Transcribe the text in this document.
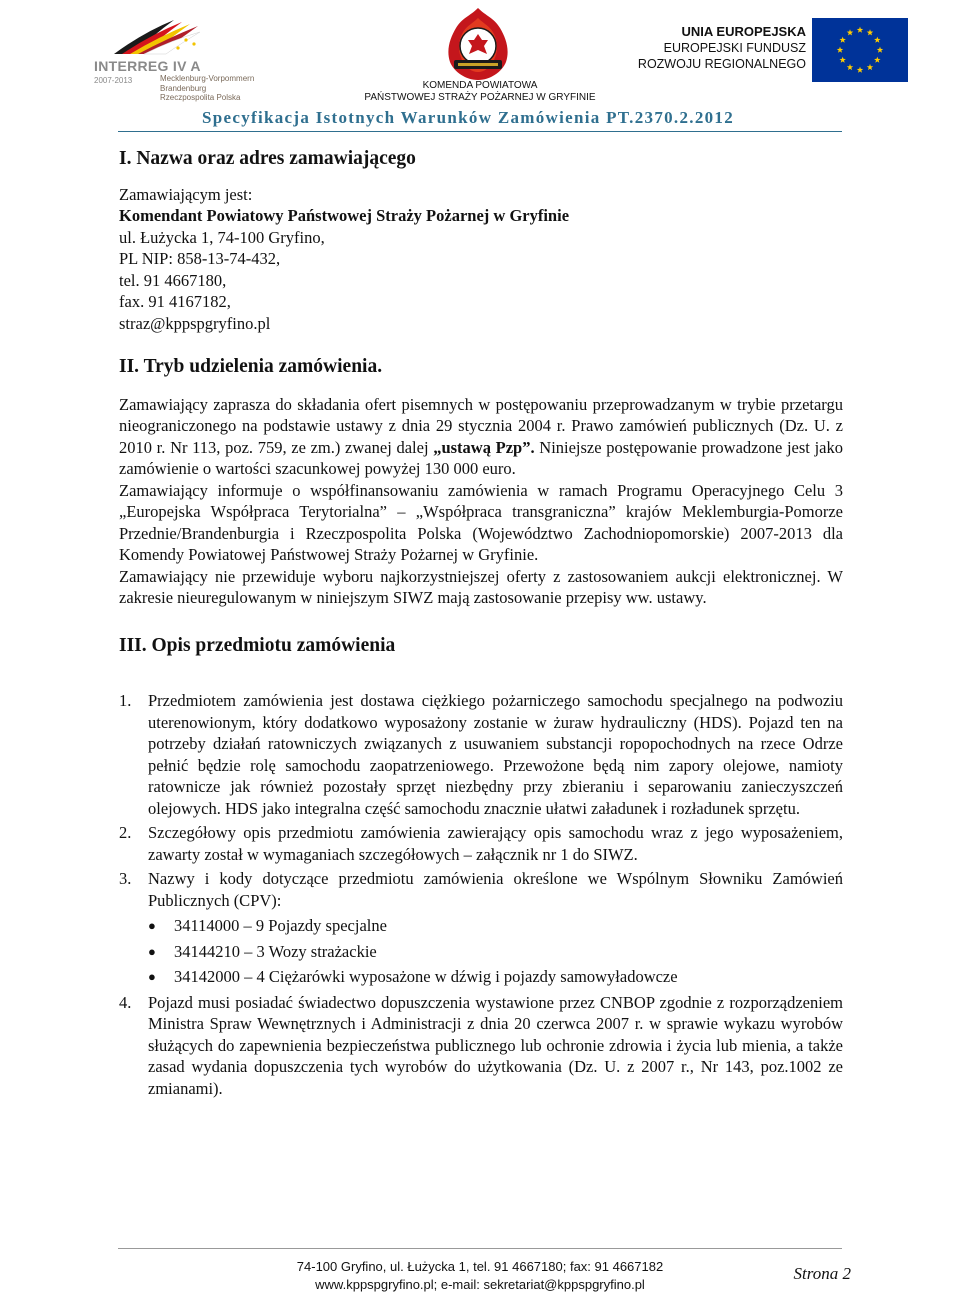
INTERREG IV A
2007-2013	Mecklenburg-Vorpommern
Brandenburg
Rzeczpospolita Polska
KOMENDA POWIATOWA
PAŃSTWOWEJ STRAŻY POŻARNEJ W GRYFINIE
UNIA EUROPEJSKA
EUROPEJSKI FUNDUSZ
ROZWOJU REGIONALNEGO
Specyfikacja Istotnych Warunków Zamówienia PT.2370.2.2012
I. Nazwa oraz adres zamawiającego

Zamawiającym jest:

Komendant Powiatowy Państwowej Straży Pożarnej w Gryfinie

ul. Łużycka 1, 74-100 Gryfino,

PL NIP: 858-13-74-432,

tel. 91 4667180,

fax. 91 4167182,

straz@kppspgryfino.pl

II. Tryb udzielenia zamówienia.

Zamawiający zaprasza do składania ofert pisemnych w postępowaniu przeprowadzanym w trybie przetargu nieograniczonego na podstawie ustawy z dnia 29 stycznia 2004 r. Prawo zamówień publicznych (Dz. U. z 2010 r. Nr 113, poz. 759, ze zm.) zwanej dalej „ustawą Pzp”. Niniejsze postępowanie prowadzone jest jako zamówienie o wartości szacunkowej powyżej 130 000 euro.

Zamawiający informuje o współfinansowaniu zamówienia w ramach Programu Operacyjnego Celu 3 „Europejska Współpraca Terytorialna” – „Współpraca transgraniczna” krajów Meklemburgia-Pomorze Przednie/Brandenburgia i Rzeczpospolita Polska (Województwo Zachodniopomorskie) 2007-2013 dla Komendy Powiatowej Państwowej Straży Pożarnej w Gryfinie.

Zamawiający nie przewiduje wyboru najkorzystniejszej oferty z zastosowaniem aukcji elektronicznej. W zakresie nieuregulowanym w niniejszym SIWZ mają zastosowanie przepisy ww. ustawy.

III. Opis przedmiotu zamówienia
1. Przedmiotem zamówienia jest dostawa ciężkiego pożarniczego samochodu specjalnego na podwoziu uterenowionym, który dodatkowo wyposażony zostanie w żuraw hydrauliczny (HDS). Pojazd ten na potrzeby działań ratowniczych związanych z usuwaniem substancji ropopochodnych na rzece Odrze pełnić będzie rolę samochodu zaopatrzeniowego. Przewożone będą nim zapory olejowe, namioty ratownicze jak również pozostały sprzęt niezbędny przy zbieraniu i separowaniu zanieczyszczeń olejowych. HDS jako integralna część samochodu znacznie ułatwi załadunek i rozładunek sprzętu.
2. Szczegółowy opis przedmiotu zamówienia zawierający opis samochodu wraz z jego wyposażeniem, zawarty został w wymaganiach szczegółowych – załącznik nr 1 do SIWZ.
3. Nazwy i kody dotyczące przedmiotu zamówienia określone we Wspólnym Słowniku Zamówień Publicznych (CPV):
● 34114000 – 9 Pojazdy specjalne
● 34144210 – 3 Wozy strażackie
● 34142000 – 4 Ciężarówki wyposażone w dźwig i pojazdy samowyładowcze
4. Pojazd musi posiadać świadectwo dopuszczenia wystawione przez CNBOP zgodnie z rozporządzeniem Ministra Spraw Wewnętrznych i Administracji z dnia 20 czerwca 2007 r. w sprawie wykazu wyrobów służących do zapewnienia bezpieczeństwa publicznego lub ochronie zdrowia i życia lub mienia, a także zasad wydania dopuszczenia tych wyrobów do użytkowania (Dz. U. z 2007 r., Nr 143, poz.1002 ze zmianami).
74-100 Gryfino, ul. Łużycka 1, tel. 91 4667180; fax: 91 4667182
www.kppspgryfino.pl; e-mail: sekretariat@kppspgryfino.pl
Strona 2
